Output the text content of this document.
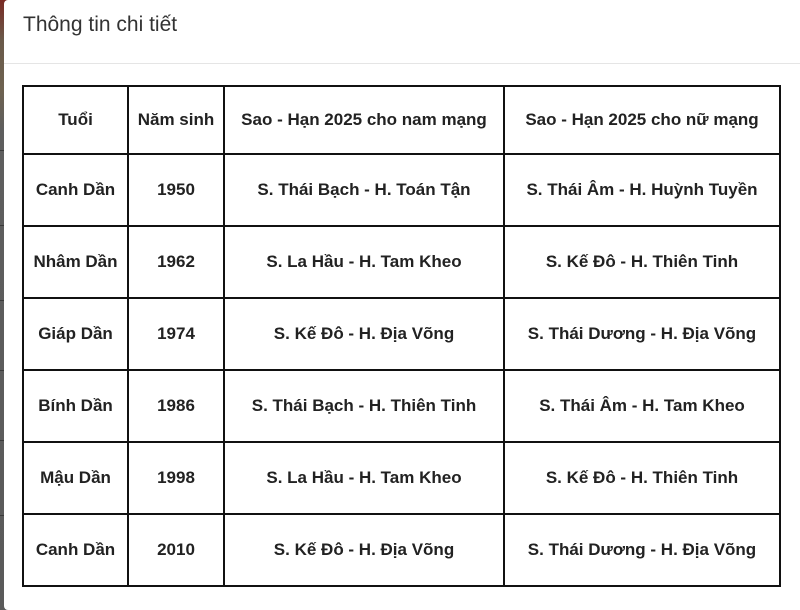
Thông tin chi tiết
Tuổi	Năm sinh	Sao - Hạn 2025 cho nam mạng	Sao - Hạn 2025 cho nữ mạng
Canh Dần	1950	S. Thái Bạch - H. Toán Tận	S. Thái Âm - H. Huỳnh Tuyền
Nhâm Dần	1962	S. La Hầu - H. Tam Kheo	S. Kế Đô - H. Thiên Tinh
Giáp Dần	1974	S. Kế Đô - H. Địa Võng	S. Thái Dương - H. Địa Võng
Bính Dần	1986	S. Thái Bạch - H. Thiên Tinh	S. Thái Âm - H. Tam Kheo
Mậu Dần	1998	S. La Hầu - H. Tam Kheo	S. Kế Đô - H. Thiên Tinh
Canh Dần	2010	S. Kế Đô - H. Địa Võng	S. Thái Dương - H. Địa Võng
